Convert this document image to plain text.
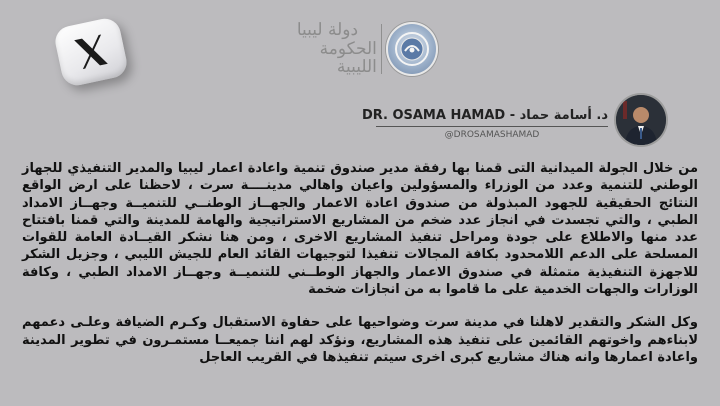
دولة ليبيا
الحكومة الليبية
د. أسامة حماد - DR. OSAMA HAMAD
@DROSAMASHAMAD

من خلال الجولة الميدانية التى قمنا بها رفقة مدير صندوق تنمية واعادة اعمار ليبيا والمدير التنفيذي للجهاز الوطني للتنمية وعدد من الوزراء والمسؤولين واعيان واهالي مدينــــة سرت ، لاحظنا على ارض الواقع النتائج الحقيقية للجهود المبذولة من صندوق اعادة الاعمار والجهــاز الوطنــي للتنميــة وجهــاز الامداد الطبي ، والتي تجسدت في انجاز عدد ضخم من المشاريع الاستراتيجية والهامة للمدينة والتي قمنا بافتتاح عدد منها والاطلاع على جودة ومراحل تنفيذ المشاريع الاخرى ، ومن هنا نشكر القيــادة العامة للقوات المسلحة على الدعم اللامحدود بكافة المجالات تنفيذا لتوجيهات القائد العام للجيش الليبي ، وجزيل الشكر للاجهزة التنفيذية متمثلة في صندوق الاعمار والجهاز الوطــني للتنميــة وجهــاز الامداد الطبي ، وكافة الوزارات والجهات الخدمية على ما قاموا به من انجازات ضخمة

وكل الشكر والتقدير لاهلنا في مدينة سرت وضواحيها على حفاوة الاستقبال وكـرم الضيافة وعلـى دعمهم لابناءهم واخوتهم القائمين على تنفيذ هذه المشاريع، ونؤكد لهم اننا جميعــا مستمـرون في تطوير المدينة واعادة اعمارها وانه هناك مشاريع كبرى اخرى سيتم تنفيذها في القريب العاجل
